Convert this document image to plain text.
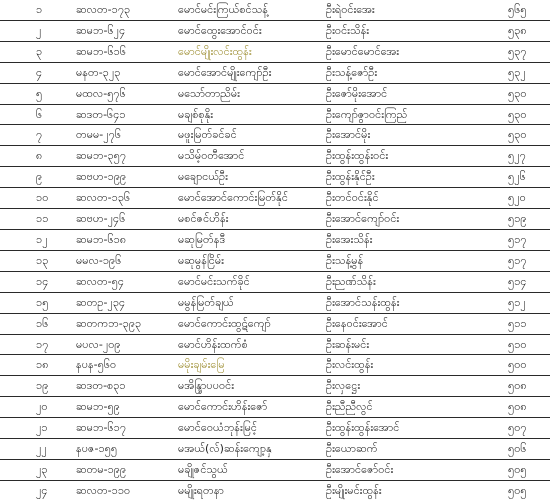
၁	ဆလတ-၁၇၃	မောင်မင်းကြယ်စင်သန့်	ဦးရဲဝင်းအေး	၅၆၅
၂	ဆမဘ-၆၂၄	မောင်ထွေးအောင်ဝင်း	ဦးဝင်းသိန်း	၅၃၈
၃	ဆမဘ-၆၁၆	မောင်မျိုးလင်းထွန်း	ဦးမောင်မောင်အေး	၅၃၇
၄	မနတ-၃၂၃	မောင်အောင်မျိုးကျော်ဦး	ဦးသန့်ဇော်ဦး	၅၃၂
၅	မထလ-၅၇၆	မသော်တာညိမ်း	ဦးဇော်မိုးအောင်	၅၃၀
၆	ဆဒတ-၆၄၁	မချစ်စုနိုး	ဦးကျော်ဇွာဝင်းကြည်	၅၃၀
၇	တမမ-၂၇၆	မဖူးမြတ်ခင်ခင်	ဦးအောင်မိုး	၅၃၀
၈	ဆမဘ-၃၅၇	မသိမ့်ဝတီအောင်	ဦးထွန်းထွန်းဝင်း	၅၂၇
၉	ဆဗဟ-၁၉၉	မချောငယ်ဦး	ဦးထွန်းနိုင်ဦး	၅၂၆
၁၀	ဆလတ-၁၃၆	မောင်အောင်ကောင်းမြတ်နိုင်	ဦးတင်ဝင်းနိုင်	၅၂၀
၁၁	ဆဗဟ-၂၄၆	မစင်ဇင်ဟိန်း	ဦးအောင်ကျော်ဝင်း	၅၁၉
၁၂	ဆမဘ-၆၁၈	မဆုမြတ်နဒီ	ဦးအေးသိန်း	၅၁၇
၁၃	မမလ-၁၉၆	မဆုမွန်ငြိမ်း	ဦးသန့်မွန်	၅၁၇
၁၄	ဆလတ-၅၄	မောင်မင်းသက်ခိုင်	ဦးညဏ်သိန်း	၅၁၄
၁၅	ဆတဥ-၂၃၄	မမွန်မြတ်ချယ်	ဦးအောင်သန်းထွန်း	၅၁၂
၁၆	ဆတကဘ-၃၉၃	မောင်ကောင်းထွဋ်ကျော်	ဦးနေဝင်းအောင်	၅၁၁
၁၇	မပလ-၂၀၉	မောင်ဟိန်းထက်စံ	ဦးဆန်းမင်း	၅၁၀
၁၈	နပန-၅၆၀	မမိုးချမ်းမြေ	ဦးလင်းထွန်း	၅၀၀
၁၉	ဆဒတ-စ၃၁	မအိန္ဒြာပပဝင်း	ဦးလှဋ္ဌေး	၅၀၈
၂၀	ဆမဘ-၅၉	မောင်ကောင်းဟိန်းဇော်	ဦးညီညီလွင်	၅၀၈
၂၁	ဆမဘ-၆၁၇	မောင်ဝေယံဘုန်းမြင့်	ဦးထွန်းထွန်းအောင်	၅၀၇
၂၂	နပဇ-၁၅၅	မအယ်(လ်)ဆန်းကျော့နှ	ဦးယောဆက်	၅၀၆
၂၃	ဆတမ-၁၉၉	မချိုဇင်သွယ်	ဦးအောင်ဇော်ဝင်း	၅၀၅
၂၄	ဆလတ-၁၁၀	မမျိုးရတနာ	ဦးမျိုးမင်းထွန်း	၅၀၅
